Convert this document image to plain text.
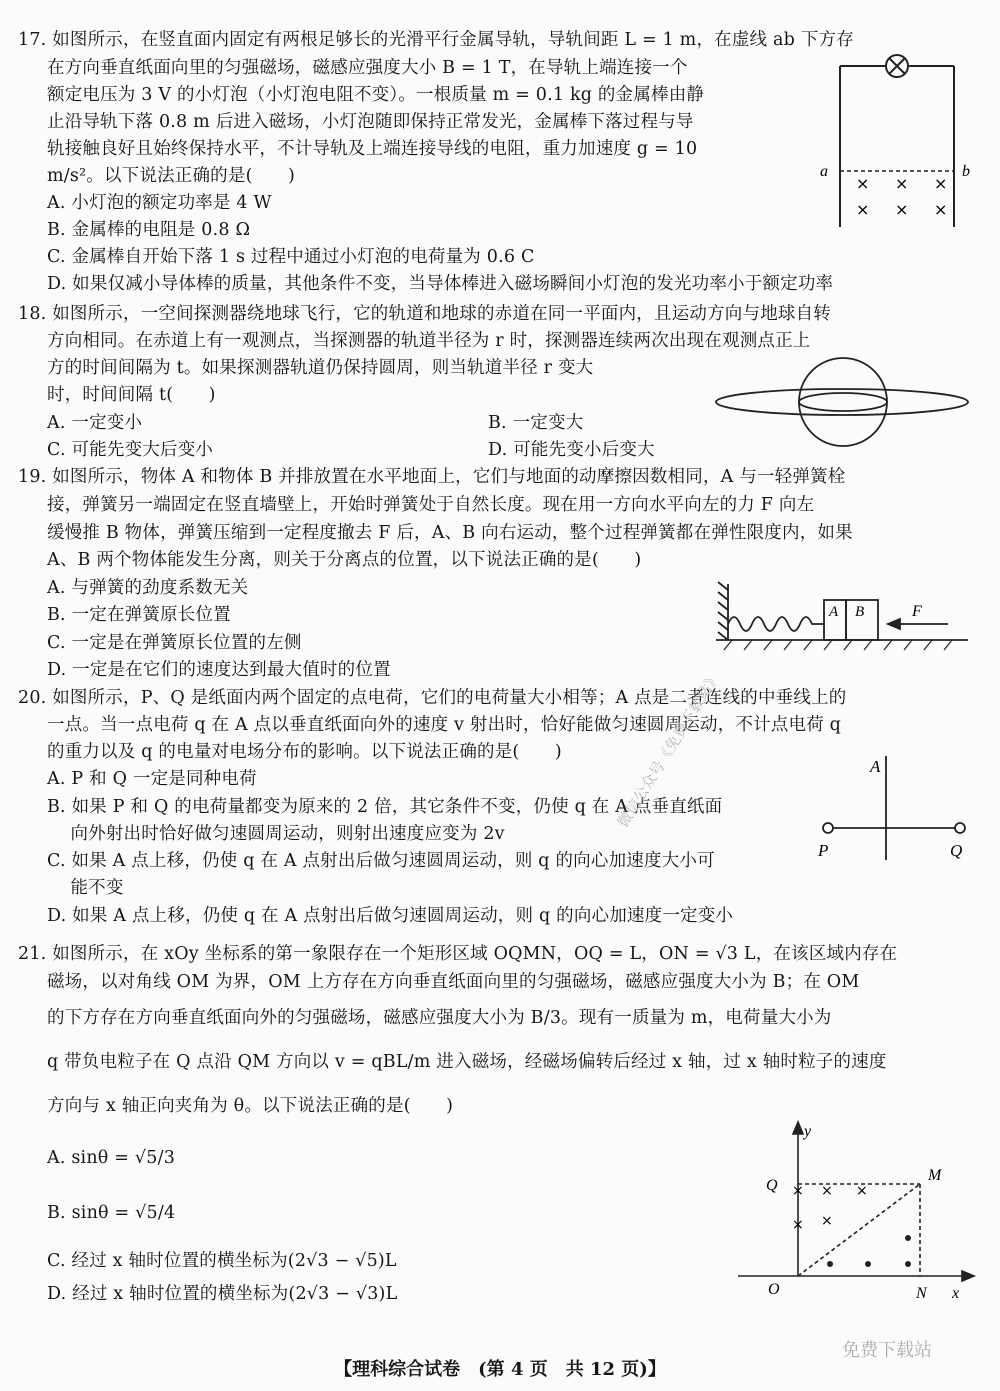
17. 如图所示，在竖直面内固定有两根足够长的光滑平行金属导轨，导轨间距 L = 1 m，在虚线 ab 下方存
在方向垂直纸面向里的匀强磁场，磁感应强度大小 B = 1 T，在导轨上端连接一个
额定电压为 3 V 的小灯泡（小灯泡电阻不变）。一根质量 m = 0.1 kg 的金属棒由静
止沿导轨下落 0.8 m 后进入磁场，小灯泡随即保持正常发光，金属棒下落过程与导
轨接触良好且始终保持水平，不计导轨及上端连接导线的电阻，重力加速度 g = 10
m/s²。以下说法正确的是(　　)
A. 小灯泡的额定功率是 4 W
B. 金属棒的电阻是 0.8 Ω
C. 金属棒自开始下落 1 s 过程中通过小灯泡的电荷量为 0.6 C
D. 如果仅减小导体棒的质量，其他条件不变，当导体棒进入磁场瞬间小灯泡的发光功率小于额定功率
a	b
× × ×
× × ×
18. 如图所示，一空间探测器绕地球飞行，它的轨道和地球的赤道在同一平面内，且运动方向与地球自转
方向相同。在赤道上有一观测点，当探测器的轨道半径为 r 时，探测器连续两次出现在观测点正上
方的时间间隔为 t。如果探测器轨道仍保持圆周，则当轨道半径 r 变大
时，时间间隔 t(　　)
A. 一定变小	B. 一定变大
C. 可能先变大后变小	D. 可能先变小后变大
19. 如图所示，物体 A 和物体 B 并排放置在水平地面上，它们与地面的动摩擦因数相同，A 与一轻弹簧栓
接，弹簧另一端固定在竖直墙壁上，开始时弹簧处于自然长度。现在用一方向水平向左的力 F 向左
缓慢推 B 物体，弹簧压缩到一定程度撤去 F 后，A、B 向右运动，整个过程弹簧都在弹性限度内，如果
A、B 两个物体能发生分离，则关于分离点的位置，以下说法正确的是(　　)
A. 与弹簧的劲度系数无关
B. 一定在弹簧原长位置
C. 一定是在弹簧原长位置的左侧
D. 一定是在它们的速度达到最大值时的位置
A B	F
20. 如图所示，P、Q 是纸面内两个固定的点电荷，它们的电荷量大小相等；A 点是二者连线的中垂线上的
一点。当一点电荷 q 在 A 点以垂直纸面向外的速度 v 射出时，恰好能做匀速圆周运动，不计点电荷 q
的重力以及 q 的电量对电场分布的影响。以下说法正确的是(　　)
A. P 和 Q 一定是同种电荷
B. 如果 P 和 Q 的电荷量都变为原来的 2 倍，其它条件不变，仍使 q 在 A 点垂直纸面
　 向外射出时恰好做匀速圆周运动，则射出速度应变为 2v
C. 如果 A 点上移，仍使 q 在 A 点射出后做匀速圆周运动，则 q 的向心加速度大小可
　 能不变
D. 如果 A 点上移，仍使 q 在 A 点射出后做匀速圆周运动，则 q 的向心加速度一定变小
A
P	Q
微信公众号《免费下载站》
21. 如图所示，在 xOy 坐标系的第一象限存在一个矩形区域 OQMN，OQ = L，ON = √3 L，在该区域内存在
磁场，以对角线 OM 为界，OM 上方存在方向垂直纸面向里的匀强磁场，磁感应强度大小为 B；在 OM
的下方存在方向垂直纸面向外的匀强磁场，磁感应强度大小为 B/3。现有一质量为 m，电荷量大小为
q 带负电粒子在 Q 点沿 QM 方向以 v = qBL/m 进入磁场，经磁场偏转后经过 x 轴，过 x 轴时粒子的速度
方向与 x 轴正向夹角为 θ。以下说法正确的是(　　)
A. sinθ = √5/3
B. sinθ = √5/4
C. 经过 x 轴时位置的横坐标为(2√3 − √5)L
D. 经过 x 轴时位置的横坐标为(2√3 − √3)L
× × ×
× ×
y
x
O
Q
M
N
免费下载站
【理科综合试卷　(第 4 页　共 12 页)】
